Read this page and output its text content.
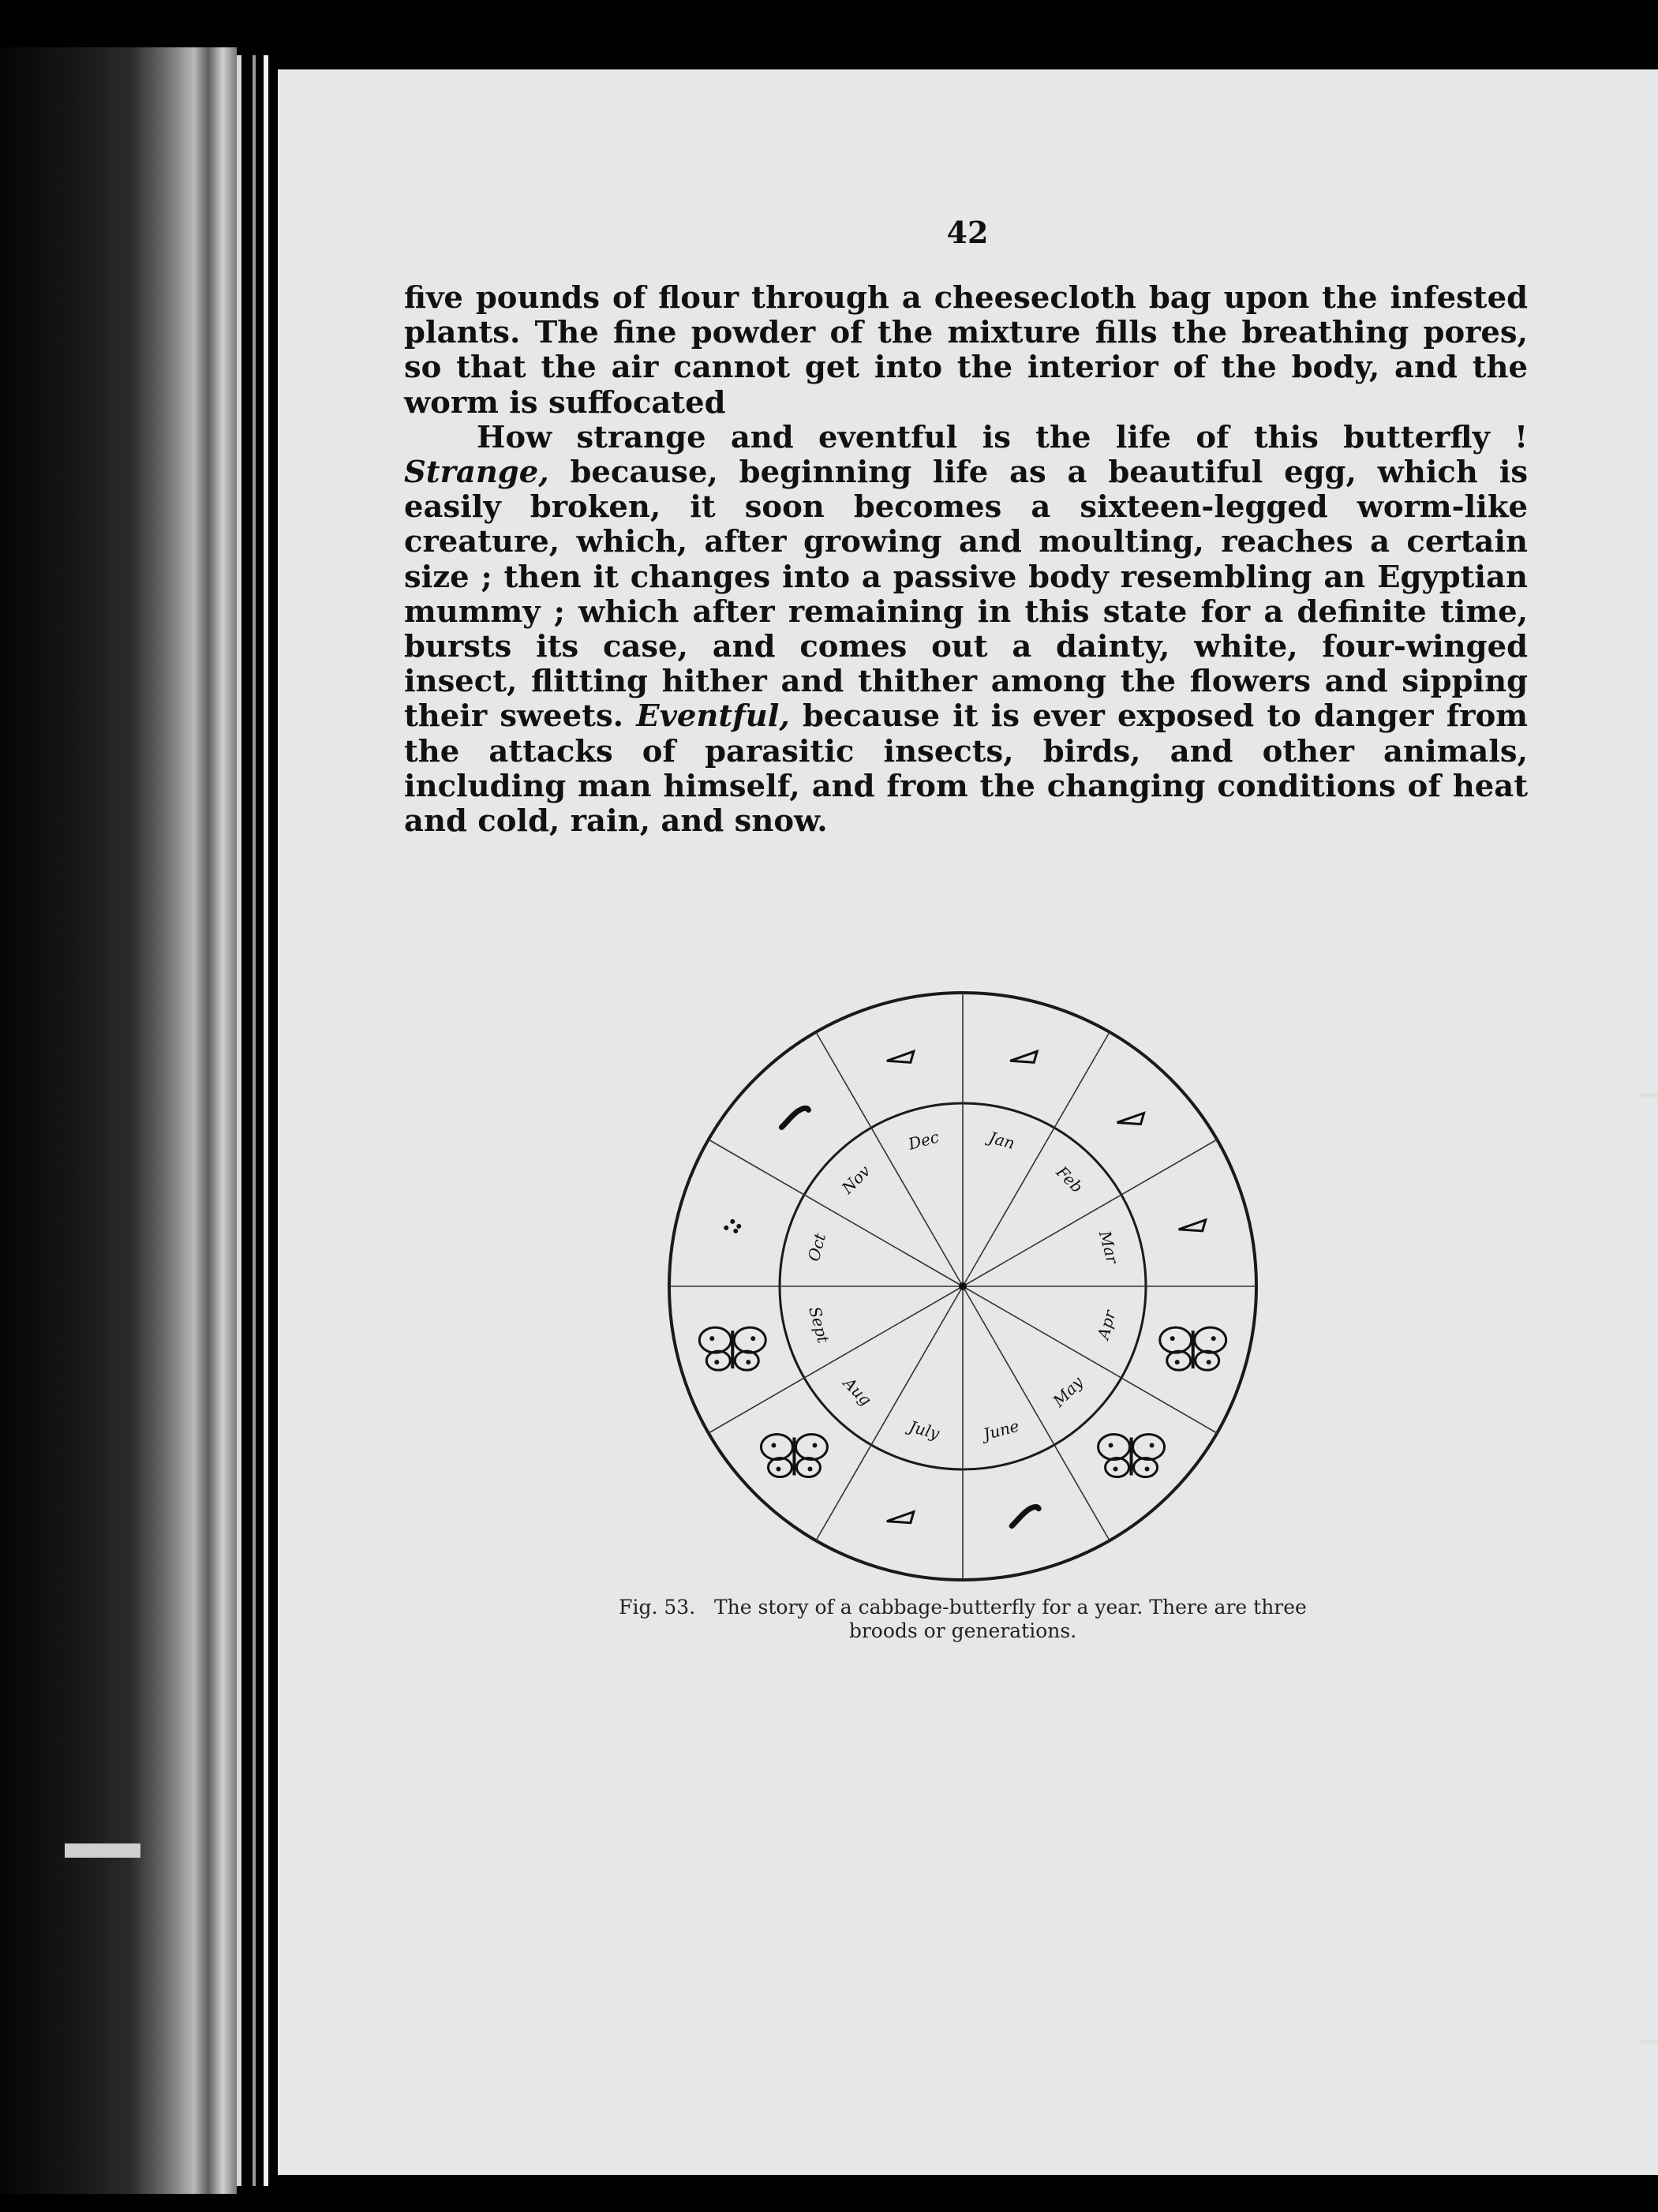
42

five pounds of flour through a cheesecloth bag upon the infested plants. The fine powder of the mixture fills the breathing pores, so that the air cannot get into the interior of the body, and the worm is suffocated

How strange and eventful is the life of this butterfly ! Strange, because, beginning life as a beautiful egg, which is easily broken, it soon becomes a sixteen-legged worm-like creature, which, after growing and moulting, reaches a certain size ; then it changes into a passive body resembling an Egyptian mummy ; which after remaining in this state for a definite time, bursts its case, and comes out a dainty, white, four-winged insect, flitting hither and thither among the flowers and sipping their sweets. Eventful, because it is ever exposed to danger from the attacks of parasitic insects, birds, and other animals, including man himself, and from the changing conditions of heat and cold, rain, and snow.

Jan
Feb
Mar
Apr
May
June
July
Aug
Sept
Oct
Nov
Dec
Fig. 53. The story of a cabbage-butterfly for a year. There are three broods or generations.
